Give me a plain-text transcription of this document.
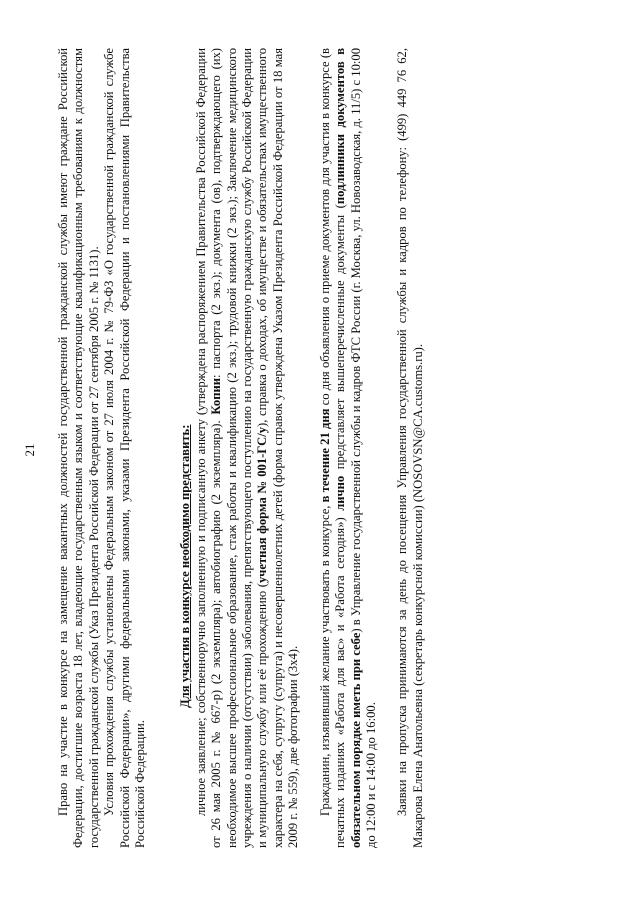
21 Право на участие в конкурсе на замещение вакантных должностей государственной гражданской службы имеют граждане Российской Федерации, достигшие возраста 18 лет, владеющие государственным языком и соответствующие квалификационным требованиям к должностям государственной гражданской службы (Указ Президента Российской Федерации от 27 сентября 2005 г. № 1131). Условия прохождения службы установлены Федеральным законом от 27 июля 2004 г. № 79-ФЗ «О государственной гражданской службе Российской Федерации», другими федеральными законами, указами Президента Российской Федерации и постановлениями Правительства Российской Федерации.

Для участия в конкурсе необходимо представить: личное заявление; собственноручно заполненную и подписанную анкету (утверждена распоряжением Правительства Российской Федерации от 26 мая 2005 г. № 667-р) (2 экземпляра); автобиографию (2 экземпляра). Копии: паспорта (2 экз.); документа (ов), подтверждающего (их) необходимое высшее профессиональное образование, стаж работы и квалификацию (2 экз.); трудовой книжки (2 экз.); Заключение медицинского учреждения о наличии (отсутствии) заболевания, препятствующего поступлению на государственную гражданскую службу Российской Федерации и муниципальную службу или её прохождению (учетная форма № 001-ГС/у), справка о доходах, об имуществе и обязательствах имущественного характера на себя, супругу (супруга) и несовершеннолетних детей (форма справок утверждена Указом Президента Российской Федерации от 18 мая 2009 г. № 559), две фотографии (3х4). Гражданин, изъявивший желание участвовать в конкурсе, в течение 21 дня со дня объявления о приеме документов для участия в конкурсе (в печатных изданиях «Работа для вас» и «Работа сегодня») лично представляет вышеперечисленные документы (подлинники документов в обязательном порядке иметь при себе) в Управление государственной службы и кадров ФТС России (г. Москва, ул. Новозаводская, д. 11/5) с 10:00 до 12:00 и с 14:00 до 16:00. Заявки на пропуска принимаются за день до посещения Управления государственной службы и кадров по телефону: (499) 449 76 62, Макарова Елена Анатольевна (секретарь конкурсной комиссии) (NOSOVSN@CA.customs.ru).
